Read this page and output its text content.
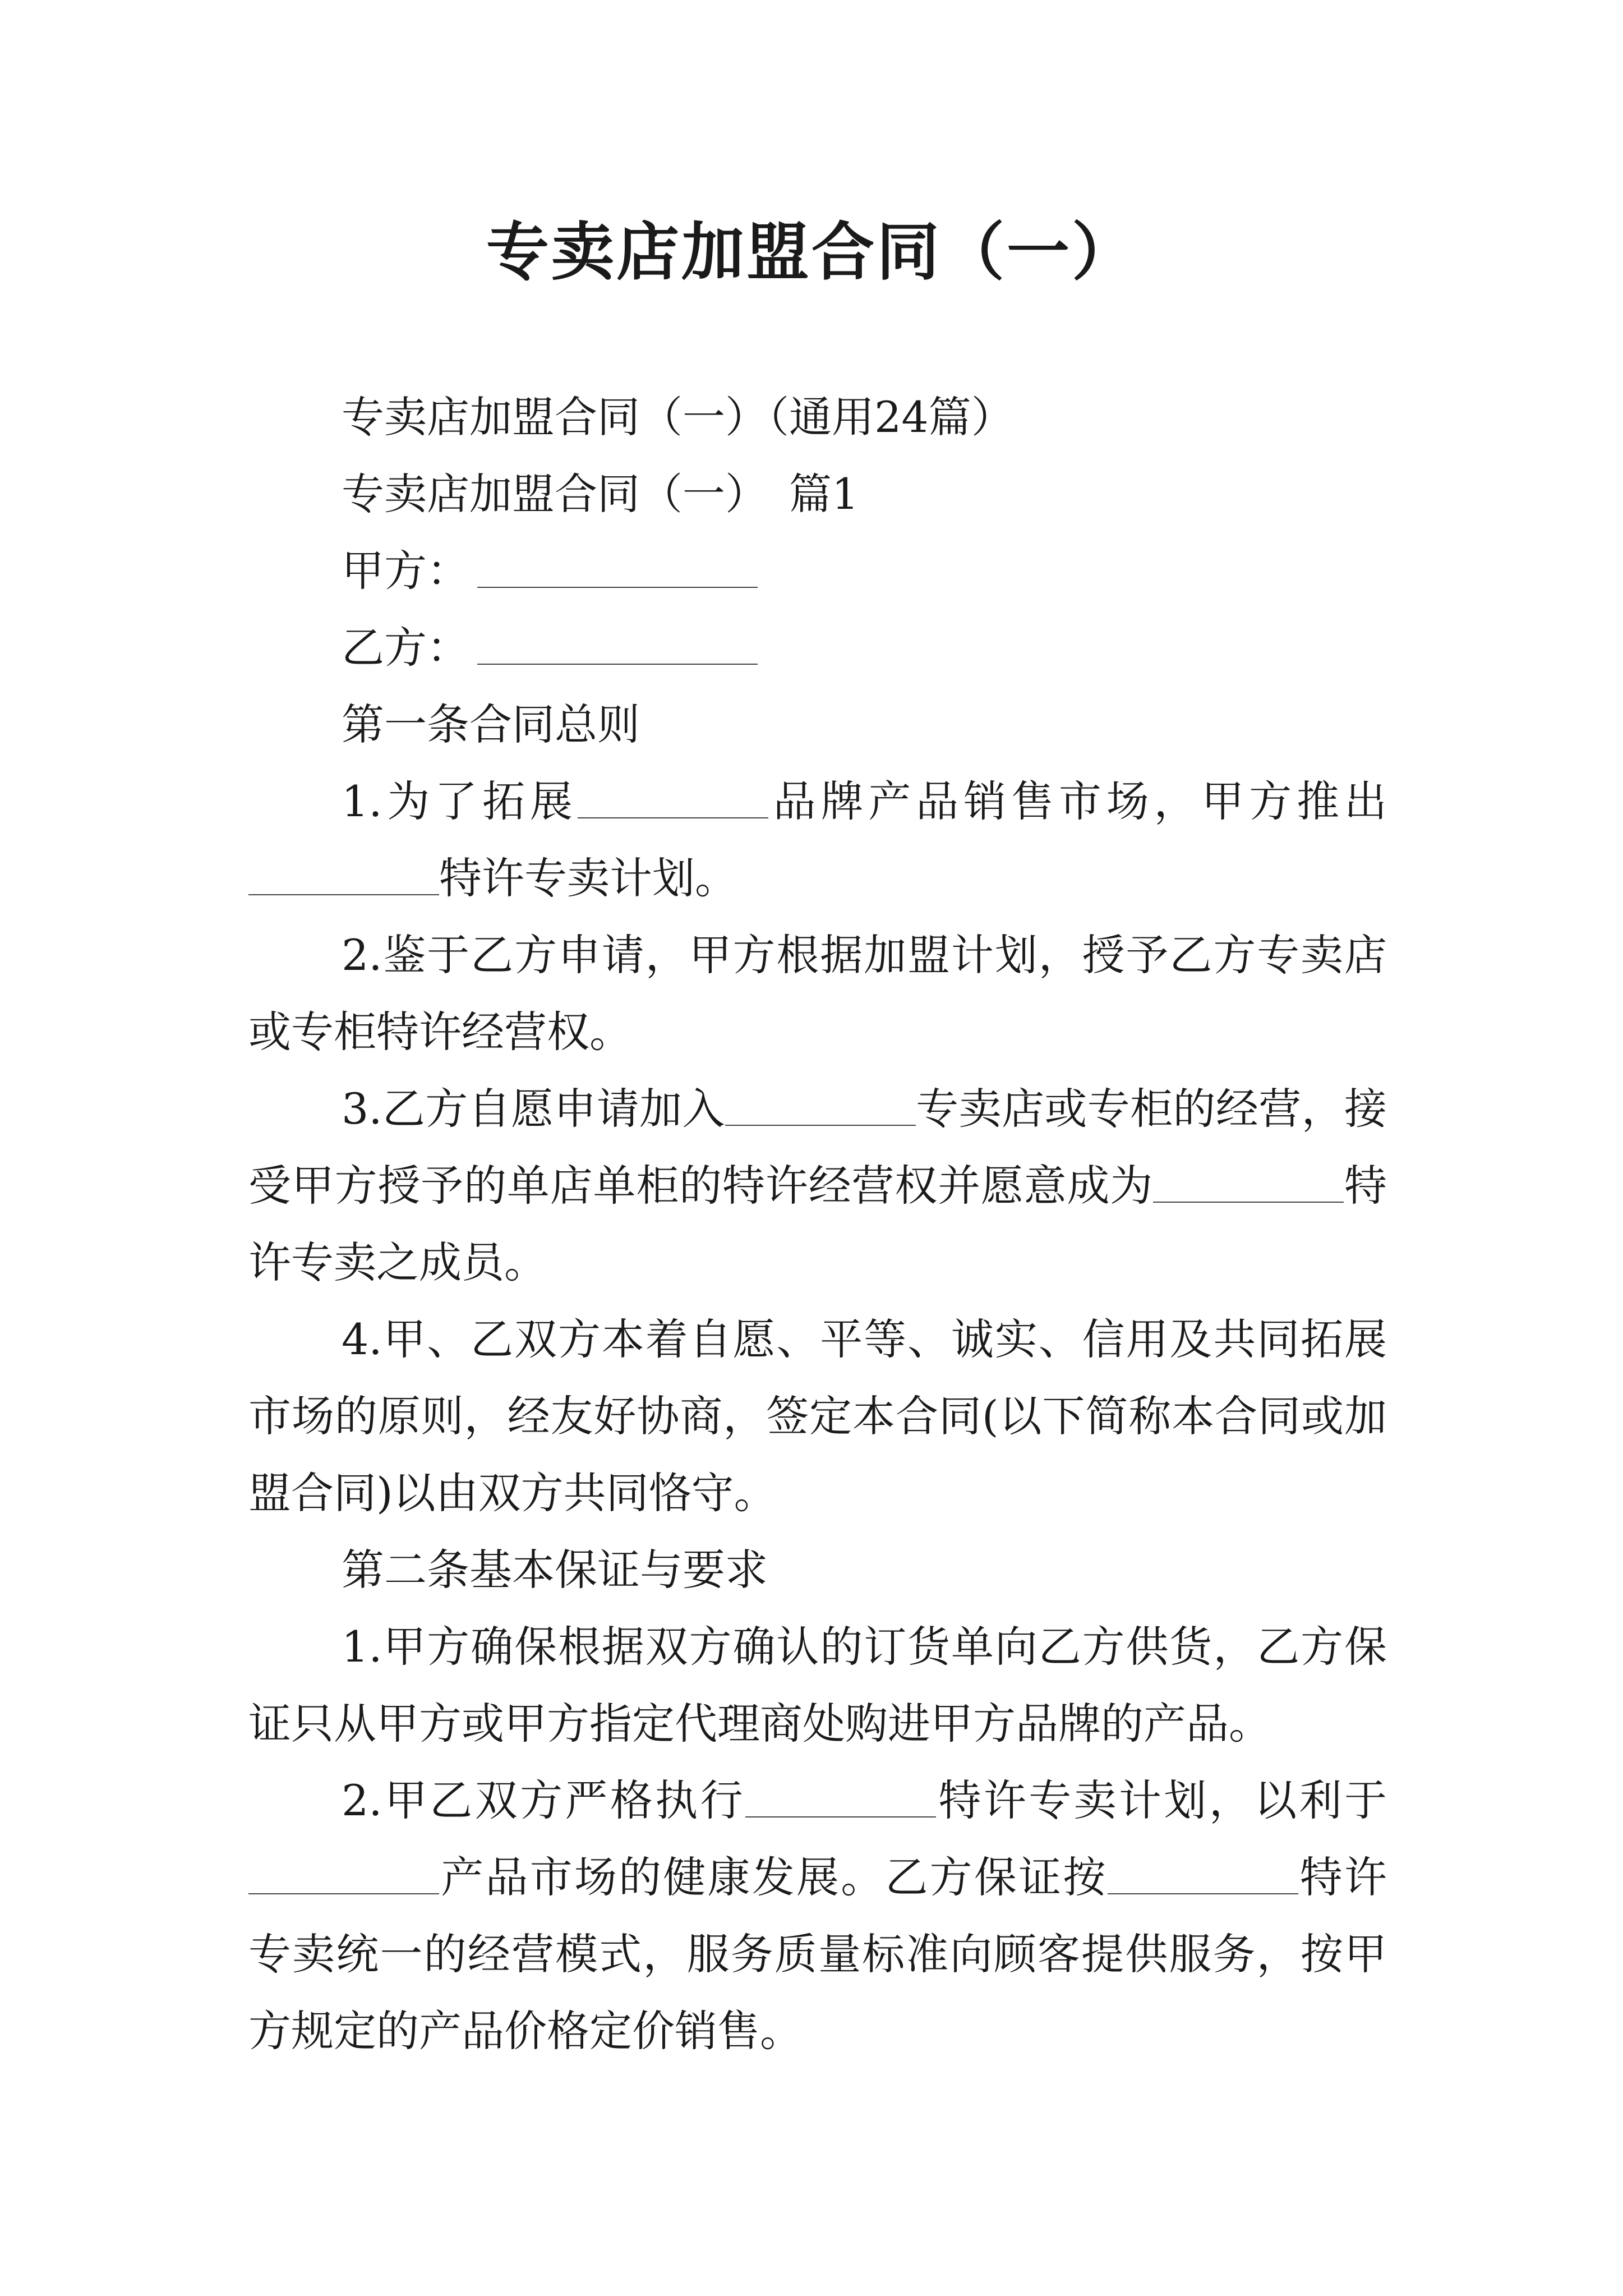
专卖店加盟合同（一）
专卖店加盟合同（一）（通用24篇）
专卖店加盟合同（一）　篇1
甲方：
乙方：
第一条合同总则
1.为了拓展	品牌产品销售市场，甲方推出特许专卖计划。
2.鉴于乙方申请，甲方根据加盟计划，授予乙方专卖店或专柜特许经营权。
3.乙方自愿申请加入	专卖店或专柜的经营，接受甲方授予的单店单柜的特许经营权并愿意成为	特许专卖之成员。
4.甲、乙双方本着自愿、平等、诚实、信用及共同拓展市场的原则，经友好协商，签定本合同(以下简称本合同或加盟合同)以由双方共同恪守。
第二条基本保证与要求
1.甲方确保根据双方确认的订货单向乙方供货，乙方保证只从甲方或甲方指定代理商处购进甲方品牌的产品。
2.甲乙双方严格执行	特许专卖计划，以利于产品市场的健康发展。乙方保证按	特许专卖统一的经营模式，服务质量标准向顾客提供服务，按甲方规定的产品价格定价销售。
